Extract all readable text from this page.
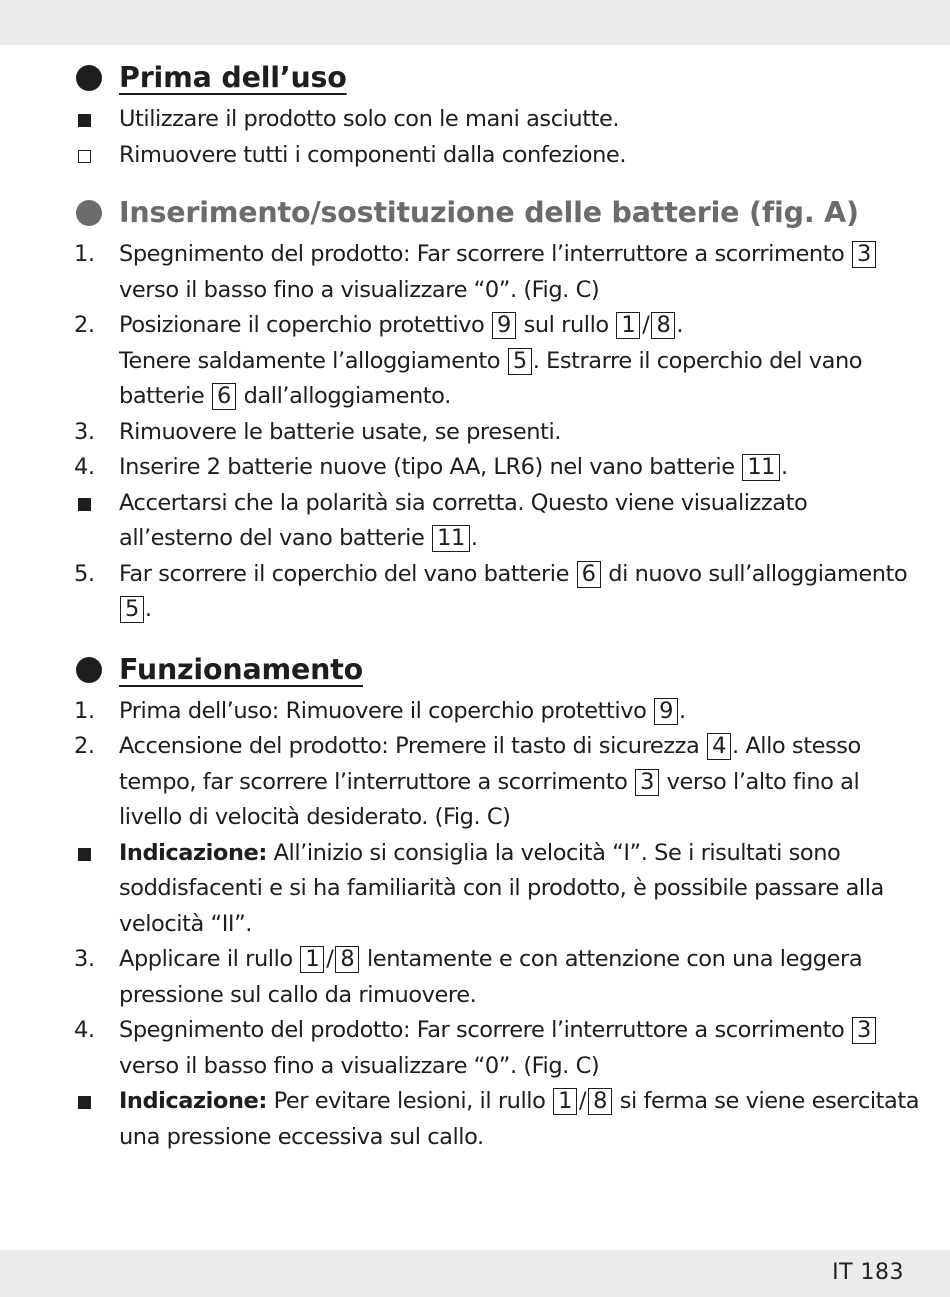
Prima dell’uso
Utilizzare il prodotto solo con le mani asciutte.
Rimuovere tutti i componenti dalla confezione.
Inserimento/sostituzione delle batterie (fig. A)
1. Spegnimento del prodotto: Far scorrere l’interruttore a scorrimento 3 verso il basso fino a visualizzare “0”. (Fig. C)
2. Posizionare il coperchio protettivo 9 sul rullo 1 / 8 .
Tenere saldamente l’alloggiamento 5 . Estrarre il coperchio del vano batterie 6 dall’alloggiamento.
3. Rimuovere le batterie usate, se presenti.
4. Inserire 2 batterie nuove (tipo AA, LR6) nel vano batterie 11 .
Accertarsi che la polarità sia corretta. Questo viene visualizzato all’esterno del vano batterie 11 .
5. Far scorrere il coperchio del vano batterie 6 di nuovo sull’alloggiamento 5 .
Funzionamento
1. Prima dell’uso: Rimuovere il coperchio protettivo 9 .
2. Accensione del prodotto: Premere il tasto di sicurezza 4 . Allo stesso tempo, far scorrere l’interruttore a scorrimento 3 verso l’alto fino al livello di velocità desiderato. (Fig. C)
Indicazione: All’inizio si consiglia la velocità “I”. Se i risultati sono soddisfacenti e si ha familiarità con il prodotto, è possibile passare alla velocità “II”.
3. Applicare il rullo 1 / 8 lentamente e con attenzione con una leggera pressione sul callo da rimuovere.
4. Spegnimento del prodotto: Far scorrere l’interruttore a scorrimento 3 verso il basso fino a visualizzare “0”. (Fig. C)
Indicazione: Per evitare lesioni, il rullo 1 / 8 si ferma se viene esercitata una pressione eccessiva sul callo.
IT 183
